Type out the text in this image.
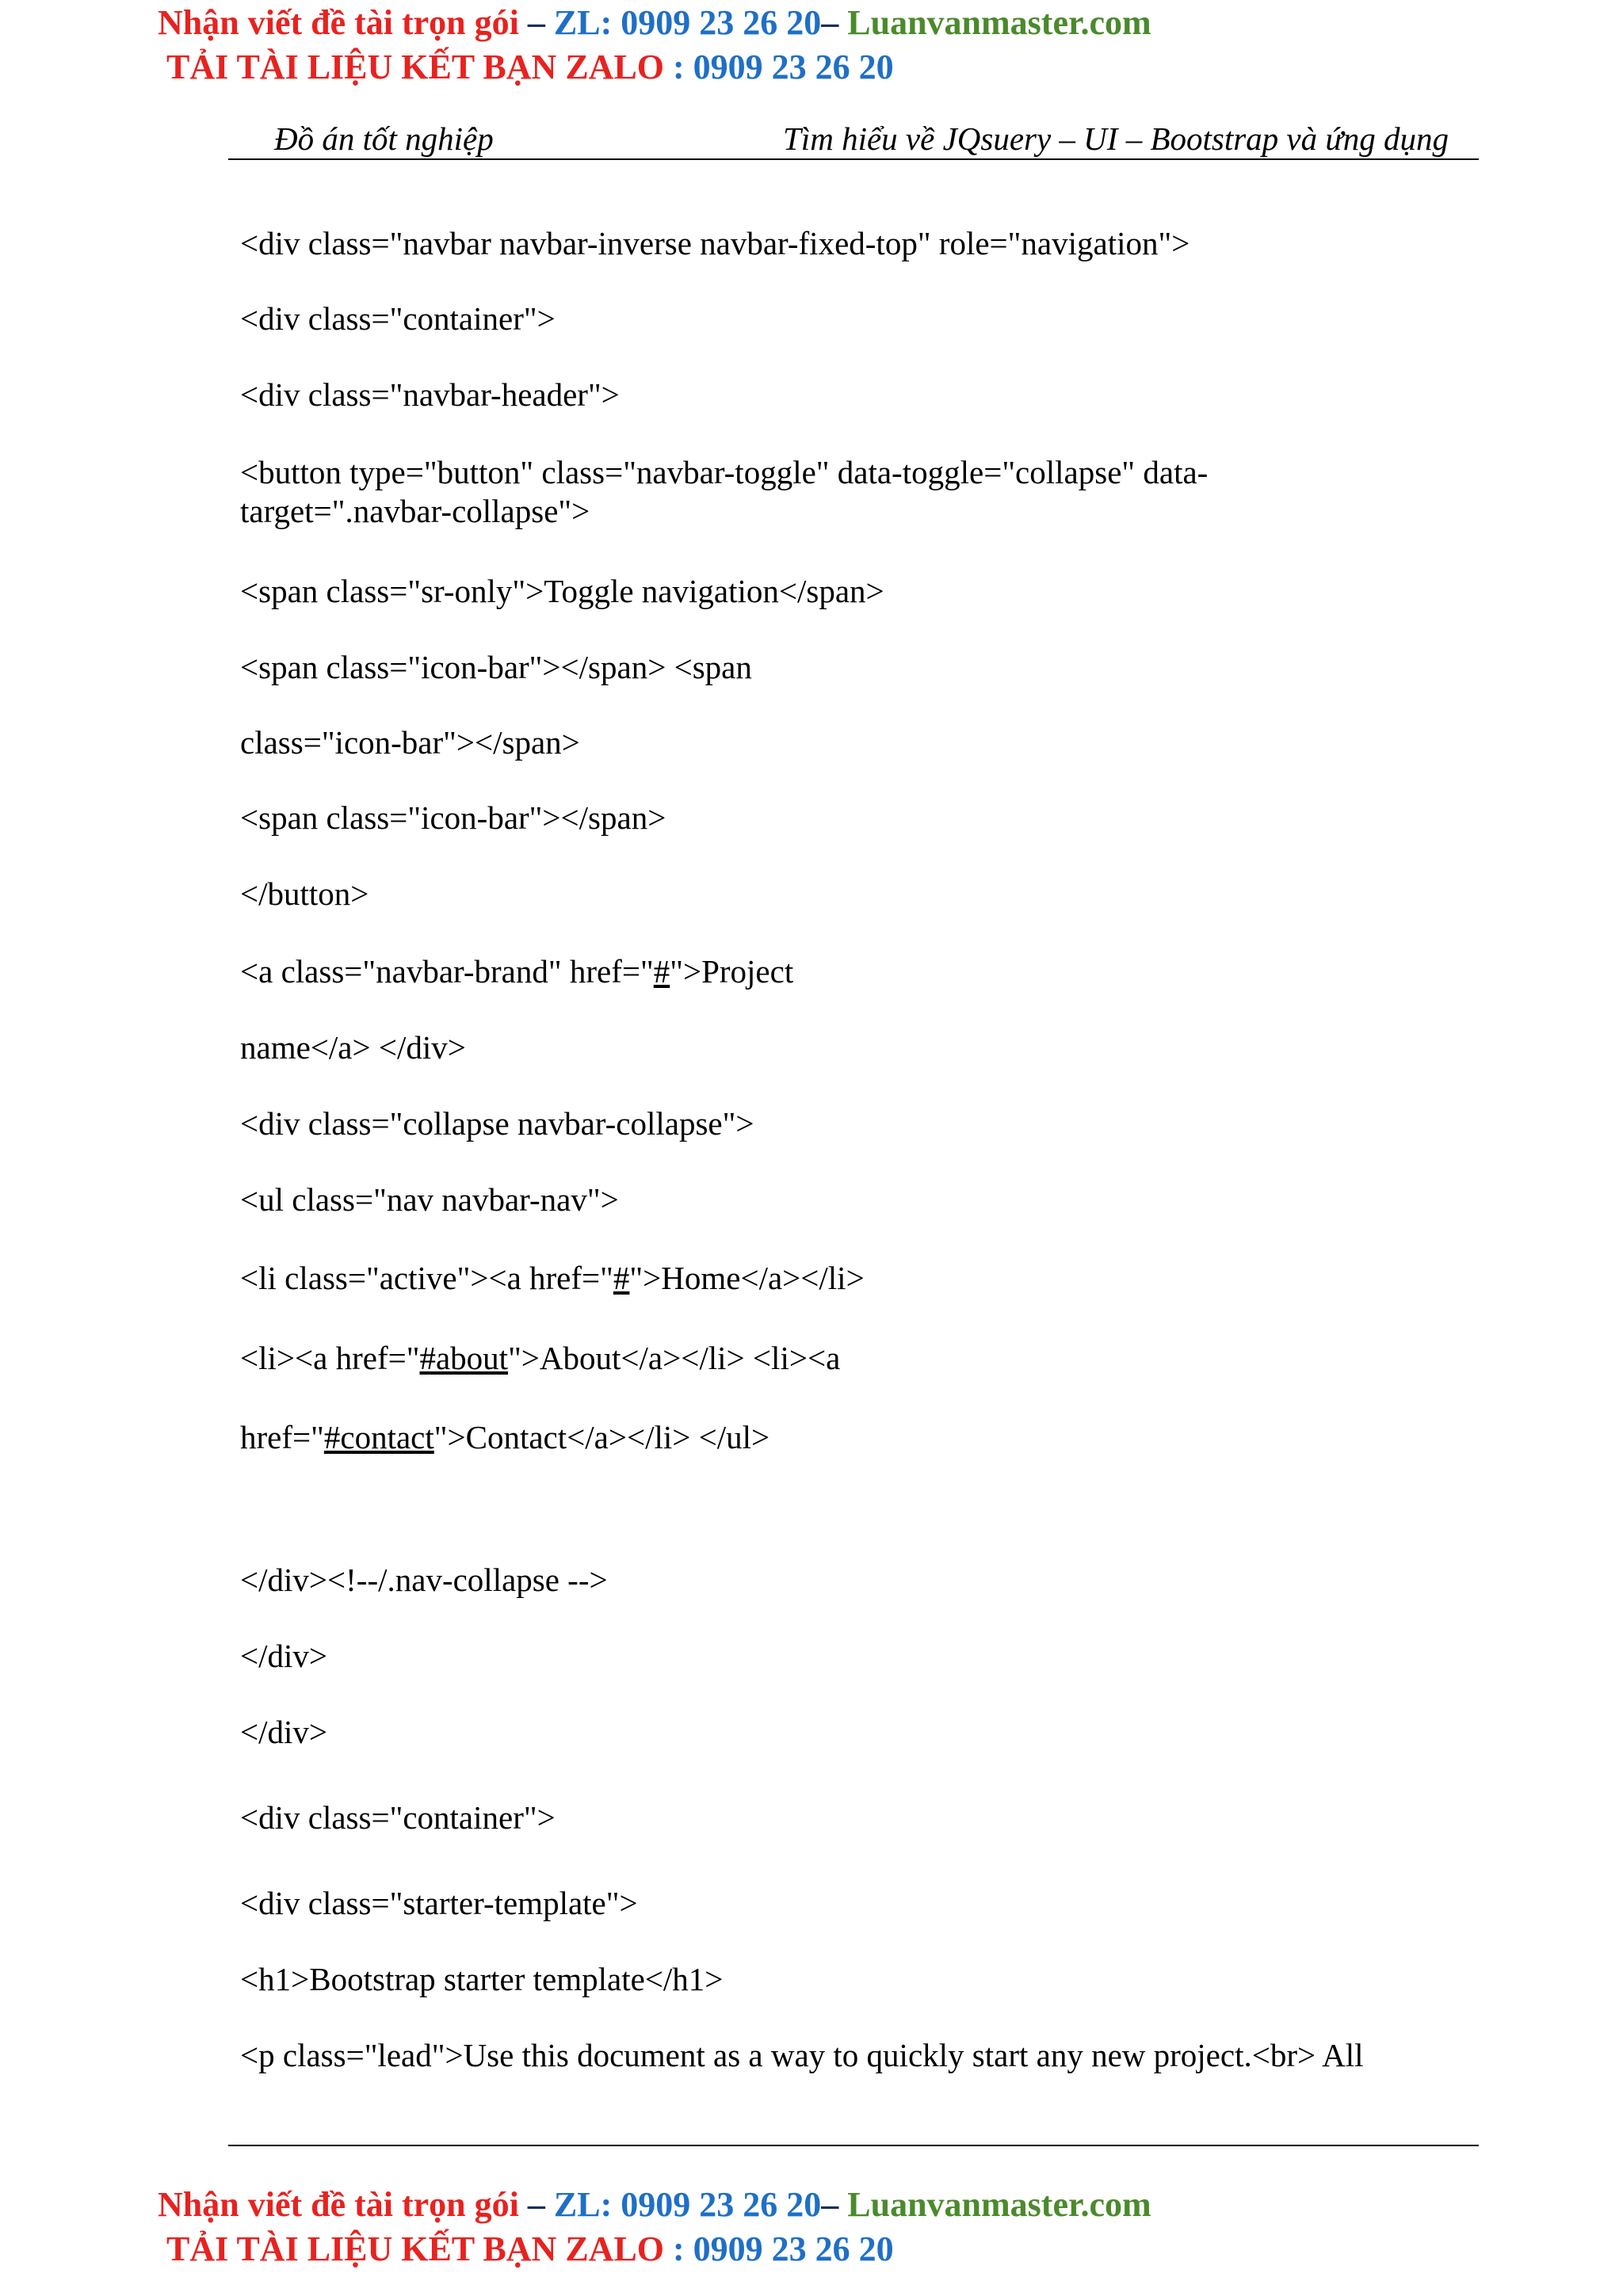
Nhận viết đề tài trọn gói – ZL: 0909 23 26 20– Luanvanmaster.com
TẢI TÀI LIỆU KẾT BẠN ZALO : 0909 23 26 20
Đồ án tốt nghiệp	Tìm hiểu về JQsuery – UI – Bootstrap và ứng dụng
<div class="navbar navbar-inverse navbar-fixed-top" role="navigation">
<div class="container">
<div class="navbar-header">
<button type="button" class="navbar-toggle" data-toggle="collapse" data-
target=".navbar-collapse">
<span class="sr-only">Toggle navigation</span>
<span class="icon-bar"></span> <span
class="icon-bar"></span>
<span class="icon-bar"></span>
</button>
<a class="navbar-brand" href="#">Project
name</a> </div>
<div class="collapse navbar-collapse">
<ul class="nav navbar-nav">
<li class="active"><a href="#">Home</a></li>
<li><a href="#about">About</a></li> <li><a
href="#contact">Contact</a></li> </ul>
</div><!--/.nav-collapse -->
</div>
</div>
<div class="container">
<div class="starter-template">
<h1>Bootstrap starter template</h1>
<p class="lead">Use this document as a way to quickly start any new project.<br> All
Nhận viết đề tài trọn gói – ZL: 0909 23 26 20– Luanvanmaster.com
TẢI TÀI LIỆU KẾT BẠN ZALO : 0909 23 26 20
